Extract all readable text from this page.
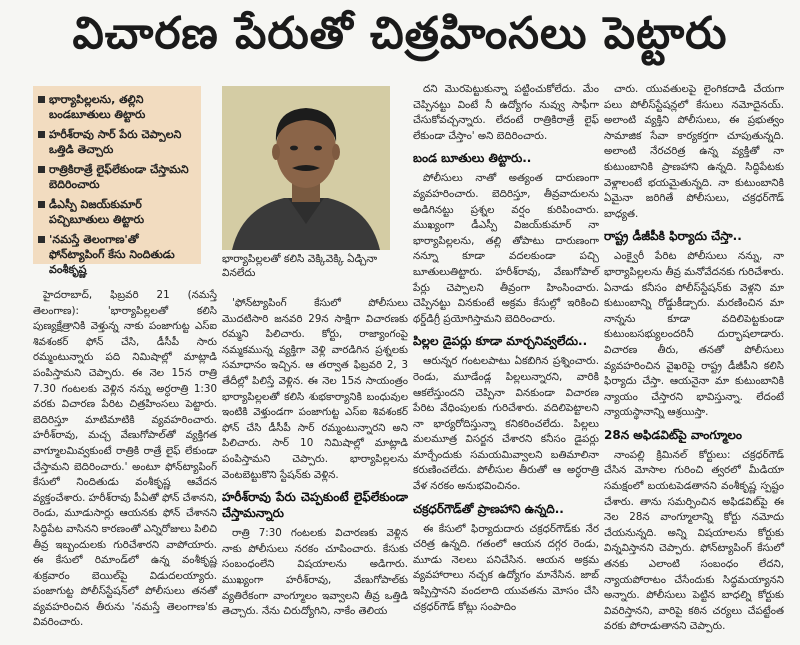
విచారణ పేరుతో చిత్రహింసలు పెట్టారు
భార్యాపిల్లలను, తల్లిని బండబూతులు తిట్టారు
హరీశ్‌రావు సార్ పేరు చెప్పాలని ఒత్తిడి తెచ్చారు
రాత్రికిరాత్రే లైఫ్‌లేకుండా చేస్తామని బెదిరించారు
డీఎస్పీ విజయ్‌కుమార్ పచ్చిబూతులు తిట్టారు
'నమస్తే తెలంగాణ'తో ఫోన్‌ట్యాపింగ్ కేసు నిందితుడు వంశీకృష్ణ
భార్యాపిల్లలతో కలిసి వెక్కివెక్కి ఏడ్చినా వినలేదు

హైదరాబాద్, ఫిబ్రవరి 21 (నమస్తే తెలంగాణ): 'భార్యాపిల్లలతో కలిసి పుణ్యక్షేత్రానికి వెళ్తున్న నాకు పంజాగుట్ట ఎస్‌ఐ శివశంకర్ ఫోన్ చేసి, డీసీపీ సారు రమ్మంటున్నారు పది నిమిషాల్లో మాట్లాడి పంపిస్తామని చెప్పారు. ఈ నెల 15న రాత్రి 7.30 గంటలకు వెళ్లిన నన్ను అర్ధరాత్రి 1:30 వరకు విచారణ పేరిట చిత్రహింసలు పెట్టారు. బెదిరిస్తూ మాటిమాటికి వ్యవహరించారు. హరీశ్‌రావు, మచ్చ వేణుగోపాల్‌తో వ్యక్తిగత వాగ్మూలమివ్వకుంటే రాత్రికి రాత్రే లైఫ్ లేకుండా చేస్తామని బెదిరించారు.' అంటూ ఫోన్‌ట్యాపింగ్ కేసులో నిందితుడు వంశీకృష్ణ ఆవేదన వ్యక్తంచేశారు. హరీశ్‌రావు పీఏతో ఫోన్ చేశానని, రెండు, మూడుసార్లు ఆయనకు ఫోన్ చేశానని సిద్ధిపేట వాసినని కారణంతో ఎన్నిరోజులు పిలిచి తీవ్ర ఇబ్బందులకు గురిచేశారని వాపోయారు. ఈ కేసులో రిమాండ్‌లో ఉన్న వంశీకృష్ణ శుక్రవారం బెయిల్‌పై విడుదలయ్యారు. పంజాగుట్ట పోలీస్‌స్టేషన్‌లో పోలీసులు తనతో వ్యవహరించిన తీరును 'నమస్తే తెలంగాణ'కు వివరించారు.

'ఫోన్‌ట్యాపింగ్ కేసులో పోలీసులు మొదటిసారి జనవరి 29న సాక్షిగా విచారణకు రమ్మని పిలిచారు. కోర్టు, రాజ్యాంగంపై నమ్మకమున్న వ్యక్తిగా వెళ్లి వారడిగిన ప్రశ్నలకు సమాధానం ఇచ్చిన. ఆ తర్వాత ఫిబ్రవరి 2, 3 తేదీల్లో పిలిస్తే వెళ్లిన. ఈ నెల 15న సాయంత్రం భార్యాపిల్లలతో కలిసి శుభకార్యానికి బంధువుల ఇంటికి వెళ్తుండగా పంజాగుట్ట ఎస్‌ఐ శివశంకర్ ఫోన్ చేసి డీసీపీ సార్ రమ్మంటున్నారని అని పిలిచారు. సార్ 10 నిమిషాల్లో మాట్లాడి పంపిస్తామని చెప్పారు. భార్యాపిల్లలను వెంటబెట్టుకొని స్టేషన్‌కు వెళ్లిన.

హరీశ్‌రావు పేరు చెప్పకుంటే లైఫ్‌లేకుండా చేస్తామన్నారు

రాత్రి 7:30 గంటలకు విచారణకు వెళ్లిన నాకు పోలీసులు నరకం చూపించారు. కేసుకు సంబంధంలేని విషయాలను అడిగారు. ముఖ్యంగా హరీశ్‌రావు, వేణుగోపాల్‌కు వ్యతిరేకంగా వాంగ్మూలం ఇవ్వాలని తీవ్ర ఒత్తిడి తెచ్చారు. నేను చిరుద్యోగిని, నాకేం తెలియ

దని మొరపెట్టుకున్నా పట్టించుకోలేదు. మేం చెప్పినట్టు వింటే నీ ఉద్యోగం నువ్వు సాఫీగా చేసుకోవచ్చన్నారు. లేదంటే రాత్రికిరాత్రే లైఫ్ లేకుండా చేస్తాం' అని బెదిరించారు.

బండ బూతులు తిట్టారు..

పోలీసులు నాతో అత్యంత దారుణంగా వ్యవహరించారు. బెదిరిస్తూ, తీవ్రవాదులను అడిగినట్టు ప్రశ్నల వర్షం కురిపించారు. ముఖ్యంగా డీఎస్పీ విజయ్‌కుమార్ నా భార్యాపిల్లలను, తల్లి తోపాటు దారుణంగా నన్నూ కూడా వదలకుండా పచ్చి బూతులుతిట్టారు. హరీశ్‌రావు, వేణుగోపాల్ పేర్లు చెప్పాలని తీవ్రంగా హింసించారు. చెప్పినట్టు వినకుంటే అక్రమ కేసుల్లో ఇరికించి థర్డ్‌డిగ్రీ ప్రయోగిస్తామని బెదిరించారు.

పిల్లల డైపర్లు కూడా మార్చనివ్వలేదు..

ఆరున్నర గంటలపాటు ఏకబిగిన ప్రశ్నించారు. రెండు, మూడేండ్ల పిల్లలున్నారని, వారికి ఆకలేస్తుందని చెప్పినా వినకుండా విచారణ పేరిట వేధింపులకు గురిచేశారు. వదిలిపెట్టాలని నా భార్యరోదిస్తున్నా కనికరించలేదు. పిల్లలు మలమూత్ర విసర్జన చేశారని కనీసం డైపర్లు మార్చేందుకు సమయమివ్వాలని బతిమాలినా కరుణించలేదు. పోలీసుల తీరుతో ఆ అర్ధరాత్రి వేళ నరకం అనుభవించినం.

చక్రధర్‌గౌడ్‌తో ప్రాణహాని ఉన్నది..

ఈ కేసులో ఫిర్యాదుదారు చక్రధర్‌గౌడ్‌కు నేర చరిత్ర ఉన్నది. గతంలో ఆయన దగ్గర రెండు, మూడు నెలలు పనిచేసిన. ఆయన అక్రమ వ్యవహారాలు నచ్చక ఉద్యోగం మానేసిన. జాబ్ ఇప్పిస్తానని వందలాది యువతను మోసం చేసి చక్రధర్‌గౌడ్ కోట్లు సంపాదిం

చారు. యువతులపై లైంగికదాడి చేయగా పలు పోలీస్‌స్టేషన్లలో కేసులు నమోదైనయ్. అలాంటి వ్యక్తిని పోలీసులు, ఈ ప్రభుత్వం సామాజిక సేవా కార్యకర్తగా చూపుతున్నది. అలాంటి నేరచరిత్ర ఉన్న వ్యక్తితో నా కుటుంబానికి ప్రాణహాని ఉన్నది. సిద్ధిపేటకు వెళ్లాలంటే భయమైతున్నది. నా కుటుంబానికి ఏమైనా జరిగితే పోలీసులు, చక్రధర్‌గౌడ్ బాధ్యత.

రాష్ట్ర డీజీపీకి ఫిర్యాదు చేస్తా..

ఎంక్వైరీ పేరిట పోలీసులు నన్ను, నా భార్యాపిల్లలను తీవ్ర మనోవేదనకు గురిచేశారు. ఏనాడు కనీసం పోలీస్‌స్టేషన్‌కు వెళ్లని మా కుటుంబాన్ని రోడ్డుకీడ్చారు. మరణించిన మా నాన్నను కూడా వదిలిపెట్టకుండా కుటుంబసభ్యులందరినీ దుర్భాషలాడారు. విచారణ తీరు, తనతో పోలీసులు వ్యవహరించిన వైఖరిపై రాష్ట్ర డీజీపీని కలిసి ఫిర్యాదు చేస్తా. ఆయనైనా మా కుటుంబానికి న్యాయం చేస్తారని భావిస్తున్నా. లేదంటే న్యాయస్థానాన్ని ఆశ్రయిస్తా.

28న అఫిడవిట్‌పై వాంగ్మూలం

నాంపల్లి క్రిమినల్ కోర్టులు: చక్రధర్‌గౌడ్ చేసిన మోసాల గురించి త్వరలో మీడియా సమక్షంలో బయటపెడతానని వంశీకృష్ణ స్పష్టం చేశారు. తాను సమర్పించిన అఫిడవిట్‌పై ఈ నెల 28న వాంగ్మూలాన్ని కోర్టు నమోదు చేయనున్నది. అన్ని విషయాలను కోర్టుకు విన్నవిస్తానని చెప్పారు. ఫోన్‌ట్యాపింగ్ కేసులో తనకు ఎలాంటి సంబంధం లేదని, న్యాయపోరాటం చేసేందుకు సిద్ధమయ్యానని అన్నారు. పోలీసులు పెట్టిన బాధల్ని కోర్టుకు వివరిస్తానని, వారిపై కఠిన చర్యలు చేపట్టేంత వరకు పోరాడుతానని చెప్పారు.
